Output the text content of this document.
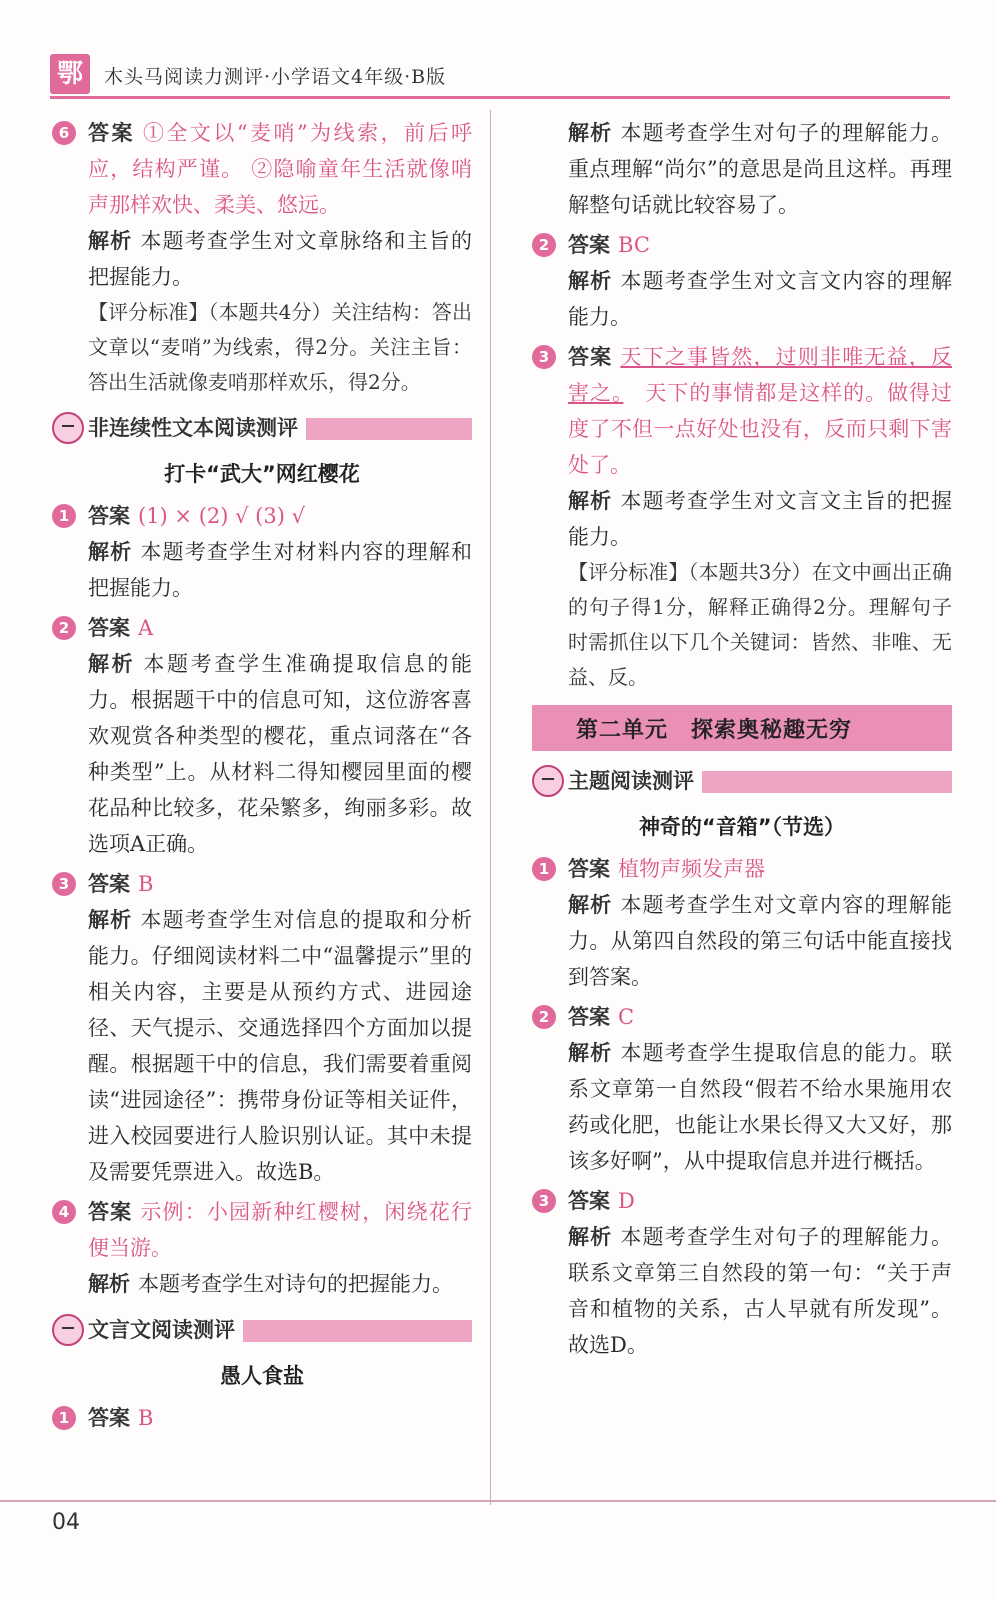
鄂	木头马阅读力测评·小学语文4年级·B版
6 答案 ①全文以“麦哨”为线索，前后呼应，结构严谨。 ②隐喻童年生活就像哨声那样欢快、柔美、悠远。

解析 本题考查学生对文章脉络和主旨的把握能力。

【评分标准】（本题共4分）关注结构：答出文章以“麦哨”为线索，得2分。关注主旨：答出生活就像麦哨那样欢乐，得2分。

非连续性文本阅读测评
打卡“武大”网红樱花
1 答案 (1) × (2) √ (3) √

解析 本题考查学生对材料内容的理解和把握能力。

2 答案 A

解析 本题考查学生准确提取信息的能力。根据题干中的信息可知，这位游客喜欢观赏各种类型的樱花，重点词落在“各种类型”上。从材料二得知樱园里面的樱花品种比较多，花朵繁多，绚丽多彩。故选项A正确。

3 答案 B

解析 本题考查学生对信息的提取和分析能力。仔细阅读材料二中“温馨提示”里的相关内容，主要是从预约方式、进园途径、天气提示、交通选择四个方面加以提醒。根据题干中的信息，我们需要着重阅读“进园途径”：携带身份证等相关证件，进入校园要进行人脸识别认证。其中未提及需要凭票进入。故选B。

4 答案 示例：小园新种红樱树，闲绕花行便当游。

解析 本题考查学生对诗句的把握能力。

文言文阅读测评
愚人食盐
1 答案 B

解析 本题考查学生对句子的理解能力。重点理解“尚尔”的意思是尚且这样。再理解整句话就比较容易了。

2 答案 BC

解析 本题考查学生对文言文内容的理解能力。

3 答案 天下之事皆然，过则非唯无益，反害之。　 天下的事情都是这样的。做得过度了不但一点好处也没有，反而只剩下害处了。

解析 本题考查学生对文言文主旨的把握能力。

【评分标准】（本题共3分）在文中画出正确的句子得1分，解释正确得2分。理解句子时需抓住以下几个关键词：皆然、非唯、无益、反。

第二单元　探索奥秘趣无穷
主题阅读测评
神奇的“音箱”（节选）
1 答案 植物声频发声器

解析 本题考查学生对文章内容的理解能力。从第四自然段的第三句话中能直接找到答案。

2 答案 C

解析 本题考查学生提取信息的能力。联系文章第一自然段“假若不给水果施用农药或化肥，也能让水果长得又大又好，那该多好啊”，从中提取信息并进行概括。

3 答案 D

解析 本题考查学生对句子的理解能力。联系文章第三自然段的第一句：“关于声音和植物的关系，古人早就有所发现”。故选D。

04
